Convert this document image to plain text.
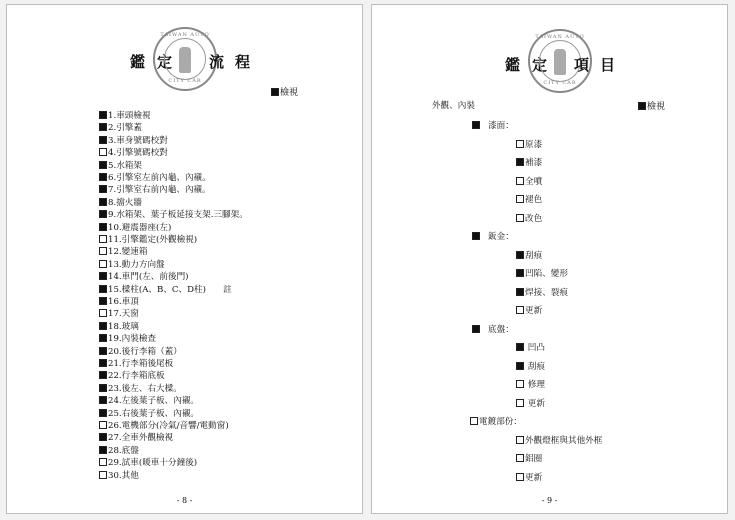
鑑 定
TAIWAN AUTO
CITY CAR
流 程
檢視
1.車頭檢視
2.引擎蓋
3.車身號碼校對
4.引擎號碼校對
5.水箱架
6.引擎室左前內龜、內襯。
7.引擎室右前內龜、內襯。
8.擋火牆
9.水箱架、葉子板延接支架.三腳架。
10.避震器座(左)
11.引擎鑑定(外觀檢視)
12.變速箱
13.動力方向盤
14.車門(左、前後門)
15.樑柱(A、B、C、D柱)　　註
16.車頂
17.天窗
18.玻璃
19.內裝檢查
20.後行李箱（蓋）
21.行李箱後尾板
22.行李箱底板
23.後左、右大樑。
24.左後葉子板、內襯。
25.右後葉子板、內襯。
26.電機部分(冷氣/音響/電動窗)
27.全車外觀檢視
28.底盤
29.試車(暖車十分鐘後)
30.其他
- 8 -
鑑 定
TAIWAN AUTO
CITY CAR
項 目
外觀、內裝	檢視
漆面：
原漆
補漆
全噴
褪色
改色
鈑金：
刮痕
凹陷、變形
焊接、裂痕
更新
底盤：
凹凸
刮痕
修理
更新
電鍍部份：
外觀燈框與其他外框
鋁圈
更新
- 9 -
